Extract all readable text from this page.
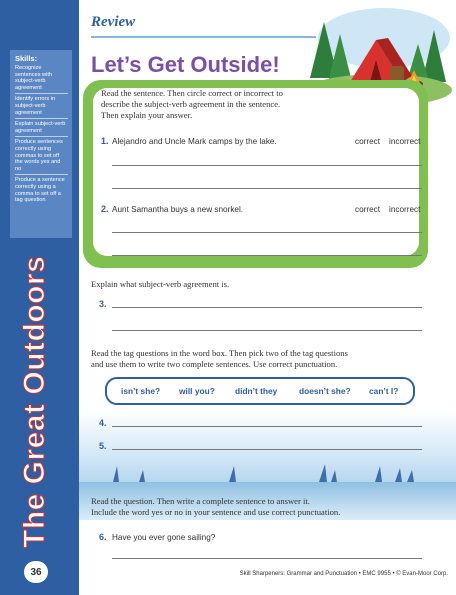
Skills:
Recognize sentences with subject-verb agreement
Identify errors in subject-verb agreement
Explain subject-verb agreement
Produce sentences correctly using commas to set off the words yes and no
Produce a sentence correctly using a comma to set off a tag question
The Great Outdoors
36
Review
Let’s Get Outside!
Read the sentence. Then circle correct or incorrect to
describe the subject-verb agreement in the sentence.
Then explain your answer.
1. Alejandro and Uncle Mark camps by the lake.	correct incorrect
2. Aunt Samantha buys a new snorkel.	correct incorrect
Explain what subject-verb agreement is.
3.
Read the tag questions in the word box. Then pick two of the tag questions
and use them to write two complete sentences. Use correct punctuation.
isn’t she? will you? didn’t they	doesn’t she? can’t I?
4.
5.
Read the question. Then write a complete sentence to answer it.
Include the word yes or no in your sentence and use correct punctuation.
6. Have you ever gone sailing?
Skill Sharpeners: Grammar and Punctuation • EMC 9955 • © Evan-Moor Corp.
